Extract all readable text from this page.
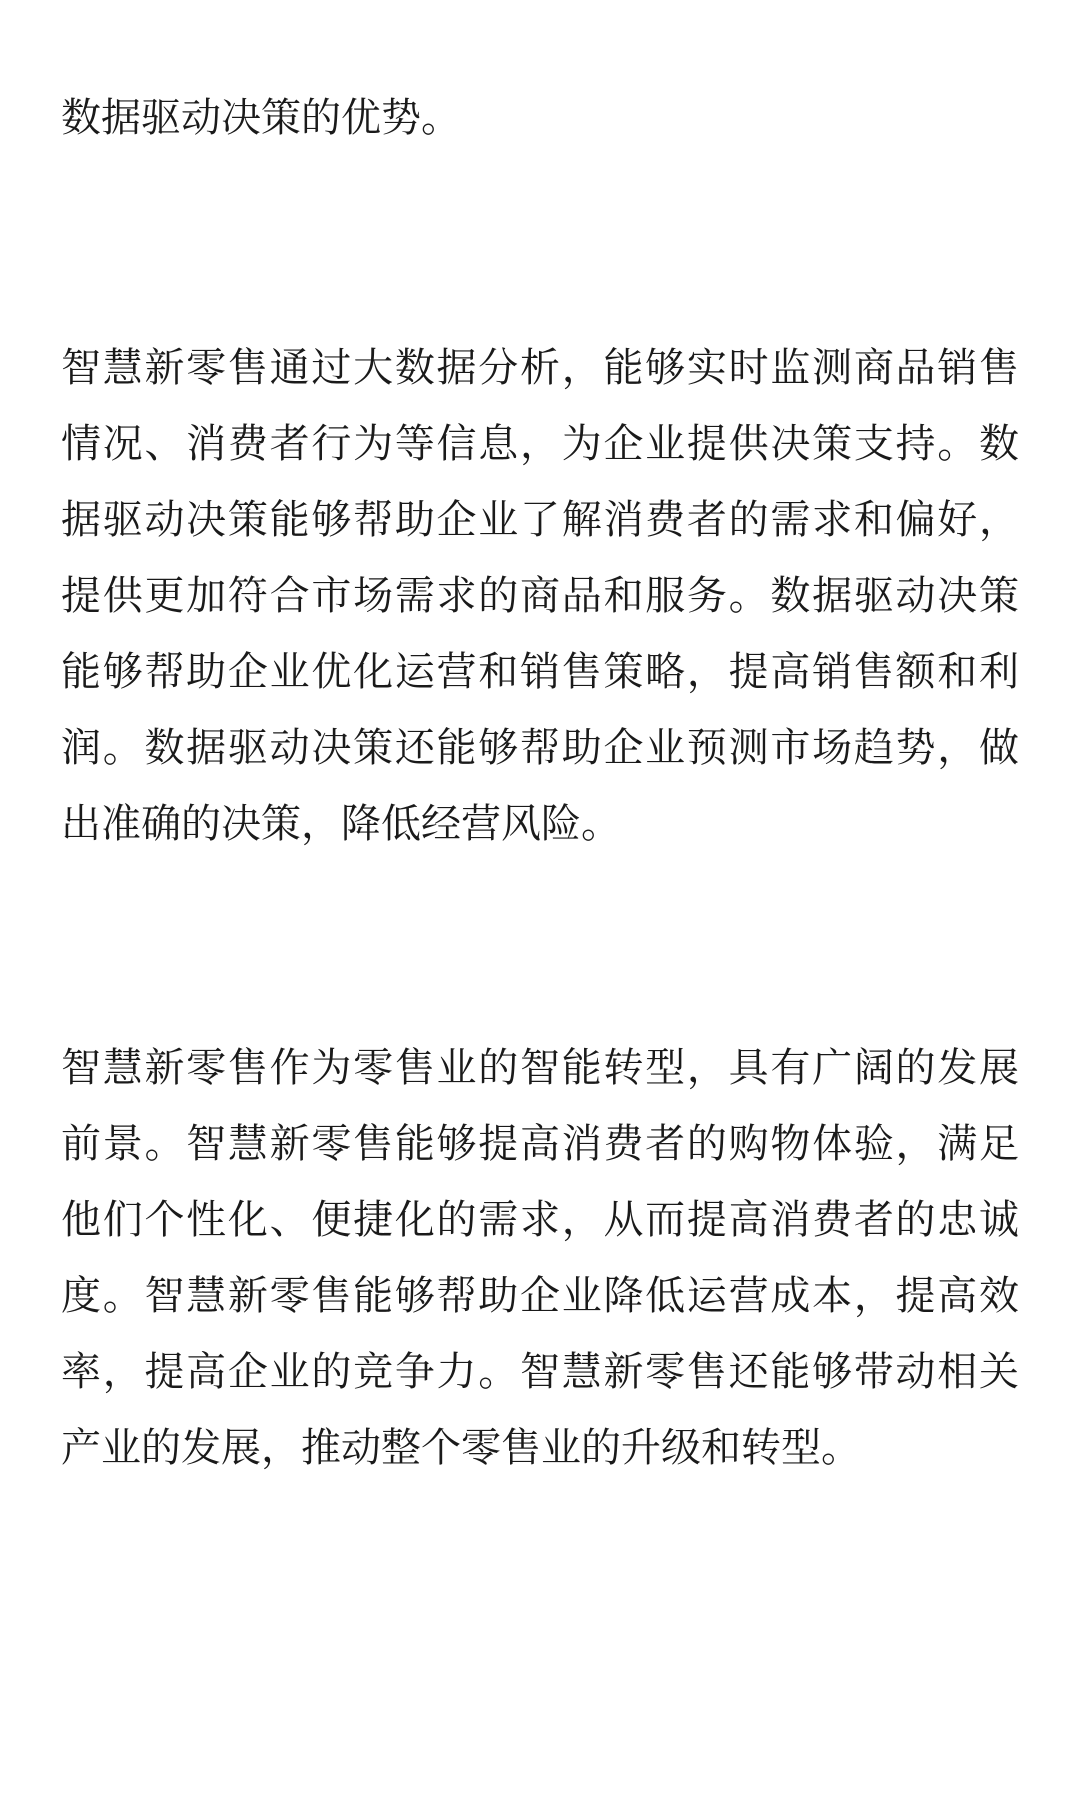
数据驱动决策的优势。

智慧新零售通过大数据分析，能够实时监测商品销售情况、消费者行为等信息，为企业提供决策支持。数据驱动决策能够帮助企业了解消费者的需求和偏好，提供更加符合市场需求的商品和服务。数据驱动决策能够帮助企业优化运营和销售策略，提高销售额和利润。数据驱动决策还能够帮助企业预测市场趋势，做出准确的决策，降低经营风险。

智慧新零售作为零售业的智能转型，具有广阔的发展前景。智慧新零售能够提高消费者的购物体验，满足他们个性化、便捷化的需求，从而提高消费者的忠诚度。智慧新零售能够帮助企业降低运营成本，提高效率，提高企业的竞争力。智慧新零售还能够带动相关产业的发展，推动整个零售业的升级和转型。
